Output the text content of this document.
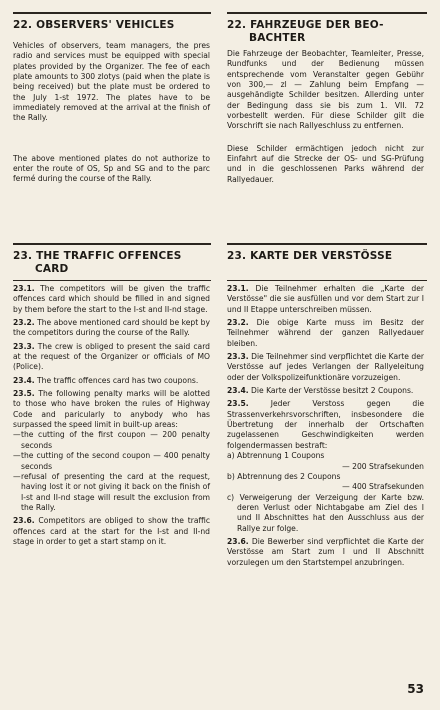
22. OBSERVERS' VEHICLES

Vehicles of observers, team managers, the pres radio and services must be equipped with special plates provided by the Organizer. The fee of each plate amounts to 300 zlotys (paid when the plate is being received) but the plate must be ordered to the July 1-st 1972. The plates have to be immediately removed at the arrival at the finish of the Rally.

The above mentioned plates do not authorize to enter the route of OS, Sp and SG and to the parc fermé during the course of the Rally.

22. FAHRZEUGE DER BEO-
BACHTER

Die Fahrzeuge der Beobachter, Teamleiter, Presse, Rundfunks und der Bedienung müssen entsprechende vom Veranstalter gegen Gebühr von 300,— zl — Zahlung beim Empfang — ausgehändigte Schilder besitzen. Allerding unter der Bedingung dass sie bis zum 1. VII. 72 vorbestellt werden. Für diese Schilder gilt die Vorschrift sie nach Rallyeschluss zu entfernen.

Diese Schilder ermächtigen jedoch nicht zur Einfahrt auf die Strecke der OS- und SG-Prüfung und in die geschlossenen Parks während der Rallyedauer.

23. THE TRAFFIC OFFENCES
CARD

23.1. The competitors will be given the traffic offences card which should be filled in and signed by them before the start to the I-st and II-nd stage.

23.2. The above mentioned card should be kept by the competitors during the course of the Rally.

23.3. The crew is obliged to present the said card at the request of the Organizer or officials of MO (Police).

23.4. The traffic offences card has two coupons.

23.5. The following penalty marks will be alotted to those who have broken the rules of Highway Code and paricularly to anybody who has surpassed the speed limit in built-up areas:

— the cutting of the first coupon — 200 penalty seconds
— the cutting of the second coupon — 400 penalty seconds
— refusal of presenting the card at the request, having lost it or not giving it back on the finish of I-st and II-nd stage will result the exclusion from the Rally.

23.6. Competitors are obliged to show the traffic offences card at the start for the I-st and II-nd stage in order to get a start stamp on it.

23. KARTE DER VERSTÖSSE

23.1. Die Teilnehmer erhalten die „Karte der Verstösse" die sie ausfüllen und vor dem Start zur I und II Etappe unterschreiben müssen.

23.2. Die obige Karte muss im Besitz der Teilnehmer während der ganzen Rallyedauer bleiben.

23.3. Die Teilnehmer sind verpflichtet die Karte der Verstösse auf jedes Verlangen der Rallyeleitung oder der Volkspolizeifunktionäre vorzuzeigen.

23.4. Die Karte der Verstösse besitzt 2 Coupons.

23.5.	Jeder Verstoss gegen die Strassenverkehrsvorschriften, insbesondere die Übertretung der innerhalb der Ortschaften zugelassenen Geschwindigkeiten werden folgendermassen bestraft:

a) Abtrennung 1 Coupons
— 200 Strafsekunden
b) Abtrennung des 2 Coupons
— 400 Strafsekunden
c) Verweigerung der Verzeigung der Karte bzw. deren Verlust oder Nichtabgabe am Ziel des I und II Abschnittes hat den Ausschluss aus der Rallye zur folge.

23.6. Die Bewerber sind verpflichtet die Karte der Verstösse am Start zum I und II Abschnitt vorzulegen um den Startstempel anzubringen.

53
